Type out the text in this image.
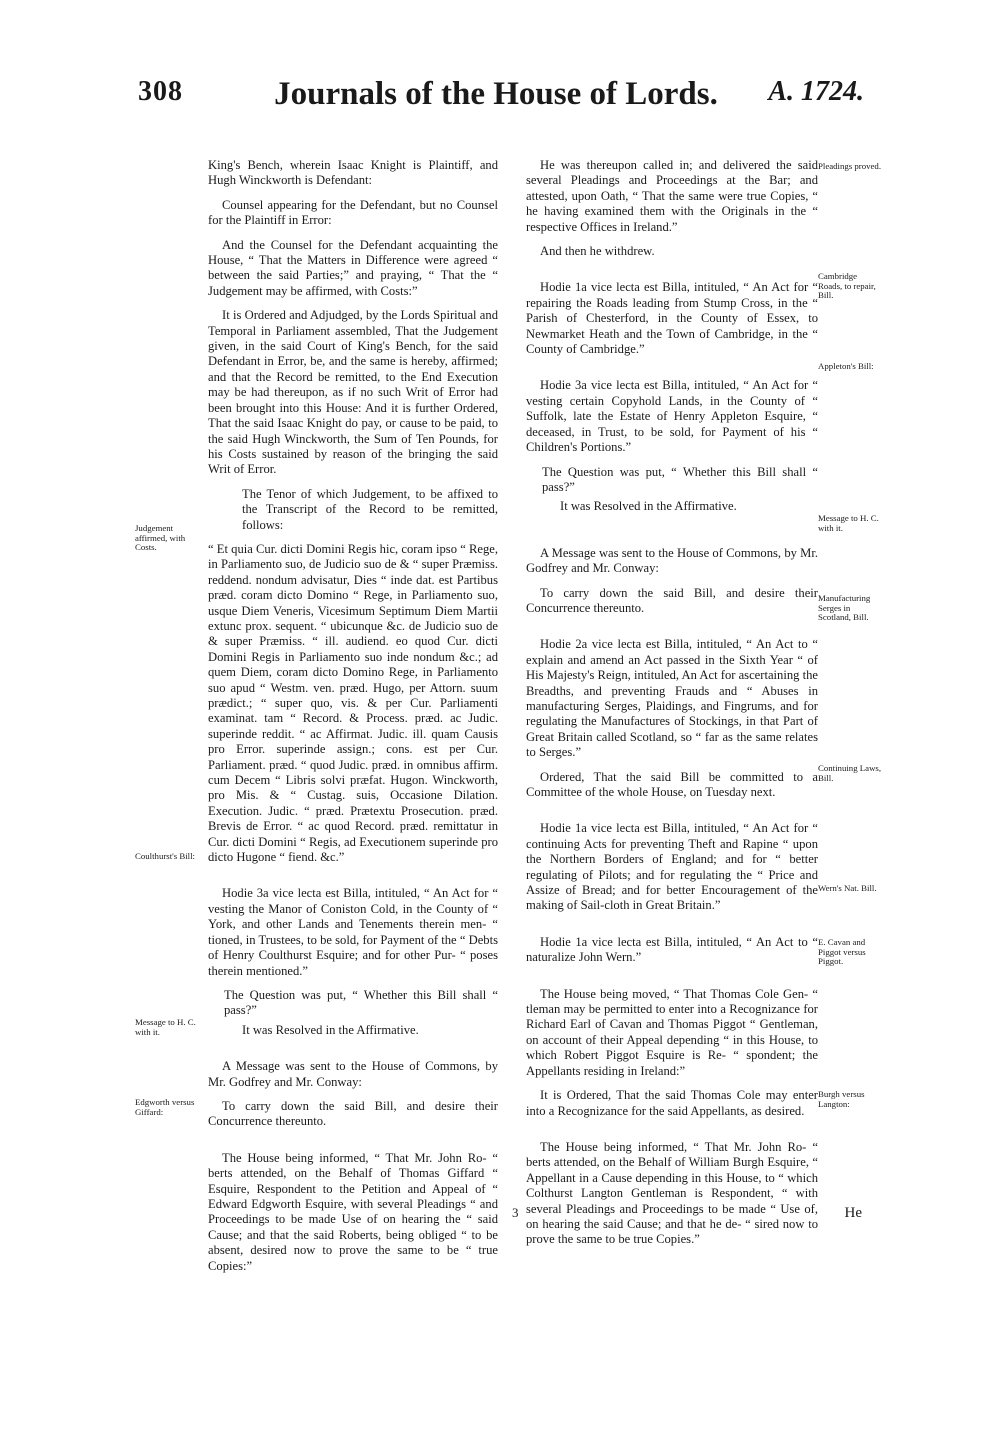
308	Journals of the House of Lords.	A. 1724.

King's Bench, wherein Isaac Knight is Plaintiff, and Hugh Winckworth is Defendant:

Counsel appearing for the Defendant, but no Counsel for the Plaintiff in Error:

And the Counsel for the Defendant acquainting the House, “ That the Matters in Difference were agreed “ between the said Parties;” and praying, “ That the “ Judgement may be affirmed, with Costs:”

It is Ordered and Adjudged, by the Lords Spiritual and Temporal in Parliament assembled, That the Judgement given, in the said Court of King's Bench, for the said Defendant in Error, be, and the same is hereby, affirmed; and that the Record be remitted, to the End Execution may be had thereupon, as if no such Writ of Error had been brought into this House: And it is further Ordered, That the said Isaac Knight do pay, or cause to be paid, to the said Hugh Winckworth, the Sum of Ten Pounds, for his Costs sustained by reason of the bringing the said Writ of Error.

The Tenor of which Judgement, to be affixed to the Transcript of the Record to be remitted, follows:

“ Et quia Cur. dicti Domini Regis hic, coram ipso “ Rege, in Parliamento suo, de Judicio suo de & “ super Præmiss. reddend. nondum advisatur, Dies “ inde dat. est Partibus præd. coram dicto Domino “ Rege, in Parliamento suo, usque Diem Veneris, Vicesimum Septimum Diem Martii extunc prox. sequent. “ ubicunque &c. de Judicio suo de & super Præmiss. “ ill. audiend. eo quod Cur. dicti Domini Regis in Parliamento suo inde nondum &c.; ad quem Diem, coram dicto Domino Rege, in Parliamento suo apud “ Westm. ven. præd. Hugo, per Attorn. suum prædict.; “ super quo, vis. & per Cur. Parliamenti examinat. tam “ Record. & Process. præd. ac Judic. superinde reddit. “ ac Affirmat. Judic. ill. quam Causis pro Error. superinde assign.; cons. est per Cur. Parliament. præd. “ quod Judic. præd. in omnibus affirm. cum Decem “ Libris solvi præfat. Hugon. Winckworth, pro Mis. & “ Custag. suis, Occasione Dilation. Execution. Judic. “ præd. Prætextu Prosecution. præd. Brevis de Error. “ ac quod Record. præd. remittatur in Cur. dicti Domini “ Regis, ad Executionem superinde pro dicto Hugone “ fiend. &c.”

Hodie 3a vice lecta est Billa, intituled, “ An Act for “ vesting the Manor of Coniston Cold, in the County of “ York, and other Lands and Tenements therein men- “ tioned, in Trustees, to be sold, for Payment of the “ Debts of Henry Coulthurst Esquire; and for other Pur- “ poses therein mentioned.”

The Question was put, “ Whether this Bill shall “ pass?”

It was Resolved in the Affirmative.

A Message was sent to the House of Commons, by Mr. Godfrey and Mr. Conway:

To carry down the said Bill, and desire their Concurrence thereunto.

The House being informed, “ That Mr. John Ro- “ berts attended, on the Behalf of Thomas Giffard “ Esquire, Respondent to the Petition and Appeal of “ Edward Edgworth Esquire, with several Pleadings “ and Proceedings to be made Use of on hearing the “ said Cause; and that the said Roberts, being obliged “ to be absent, desired now to prove the same to be “ true Copies:”

Judgement affirmed, with Costs.
Coulthurst's Bill:
Message to H. C. with it.
Edgworth versus Giffard:

He was thereupon called in; and delivered the said several Pleadings and Proceedings at the Bar; and attested, upon Oath, “ That the same were true Copies, “ he having examined them with the Originals in the “ respective Offices in Ireland.”

And then he withdrew.

Hodie 1a vice lecta est Billa, intituled, “ An Act for “ repairing the Roads leading from Stump Cross, in the “ Parish of Chesterford, in the County of Essex, to Newmarket Heath and the Town of Cambridge, in the “ County of Cambridge.”

Hodie 3a vice lecta est Billa, intituled, “ An Act for “ vesting certain Copyhold Lands, in the County of “ Suffolk, late the Estate of Henry Appleton Esquire, “ deceased, in Trust, to be sold, for Payment of his “ Children's Portions.”

The Question was put, “ Whether this Bill shall “ pass?”

It was Resolved in the Affirmative.

A Message was sent to the House of Commons, by Mr. Godfrey and Mr. Conway:

To carry down the said Bill, and desire their Concurrence thereunto.

Hodie 2a vice lecta est Billa, intituled, “ An Act to “ explain and amend an Act passed in the Sixth Year “ of His Majesty's Reign, intituled, An Act for ascertaining the Breadths, and preventing Frauds and “ Abuses in manufacturing Serges, Plaidings, and Fingrums, and for regulating the Manufactures of Stockings, in that Part of Great Britain called Scotland, so “ far as the same relates to Serges.”

Ordered, That the said Bill be committed to a Committee of the whole House, on Tuesday next.

Hodie 1a vice lecta est Billa, intituled, “ An Act for “ continuing Acts for preventing Theft and Rapine “ upon the Northern Borders of England; and for “ better regulating of Pilots; and for regulating the “ Price and Assize of Bread; and for better Encouragement of the making of Sail-cloth in Great Britain.”

Hodie 1a vice lecta est Billa, intituled, “ An Act to “ naturalize John Wern.”

The House being moved, “ That Thomas Cole Gen- “ tleman may be permitted to enter into a Recognizance for Richard Earl of Cavan and Thomas Piggot “ Gentleman, on account of their Appeal depending “ in this House, to which Robert Piggot Esquire is Re- “ spondent; the Appellants residing in Ireland:”

It is Ordered, That the said Thomas Cole may enter into a Recognizance for the said Appellants, as desired.

The House being informed, “ That Mr. John Ro- “ berts attended, on the Behalf of William Burgh Esquire, “ Appellant in a Cause depending in this House, to “ which Colthurst Langton Gentleman is Respondent, “ with several Pleadings and Proceedings to be made “ Use of, on hearing the said Cause; and that he de- “ sired now to prove the same to be true Copies.”

Pleadings proved.
Cambridge Roads, to repair, Bill.
Appleton's Bill:
Message to H. C. with it.
Manufacturing Serges in Scotland, Bill.
Continuing Laws, Bill.
Wern's Nat. Bill.
E. Cavan and Piggot versus Piggot.
Burgh versus Langton:
3	He
